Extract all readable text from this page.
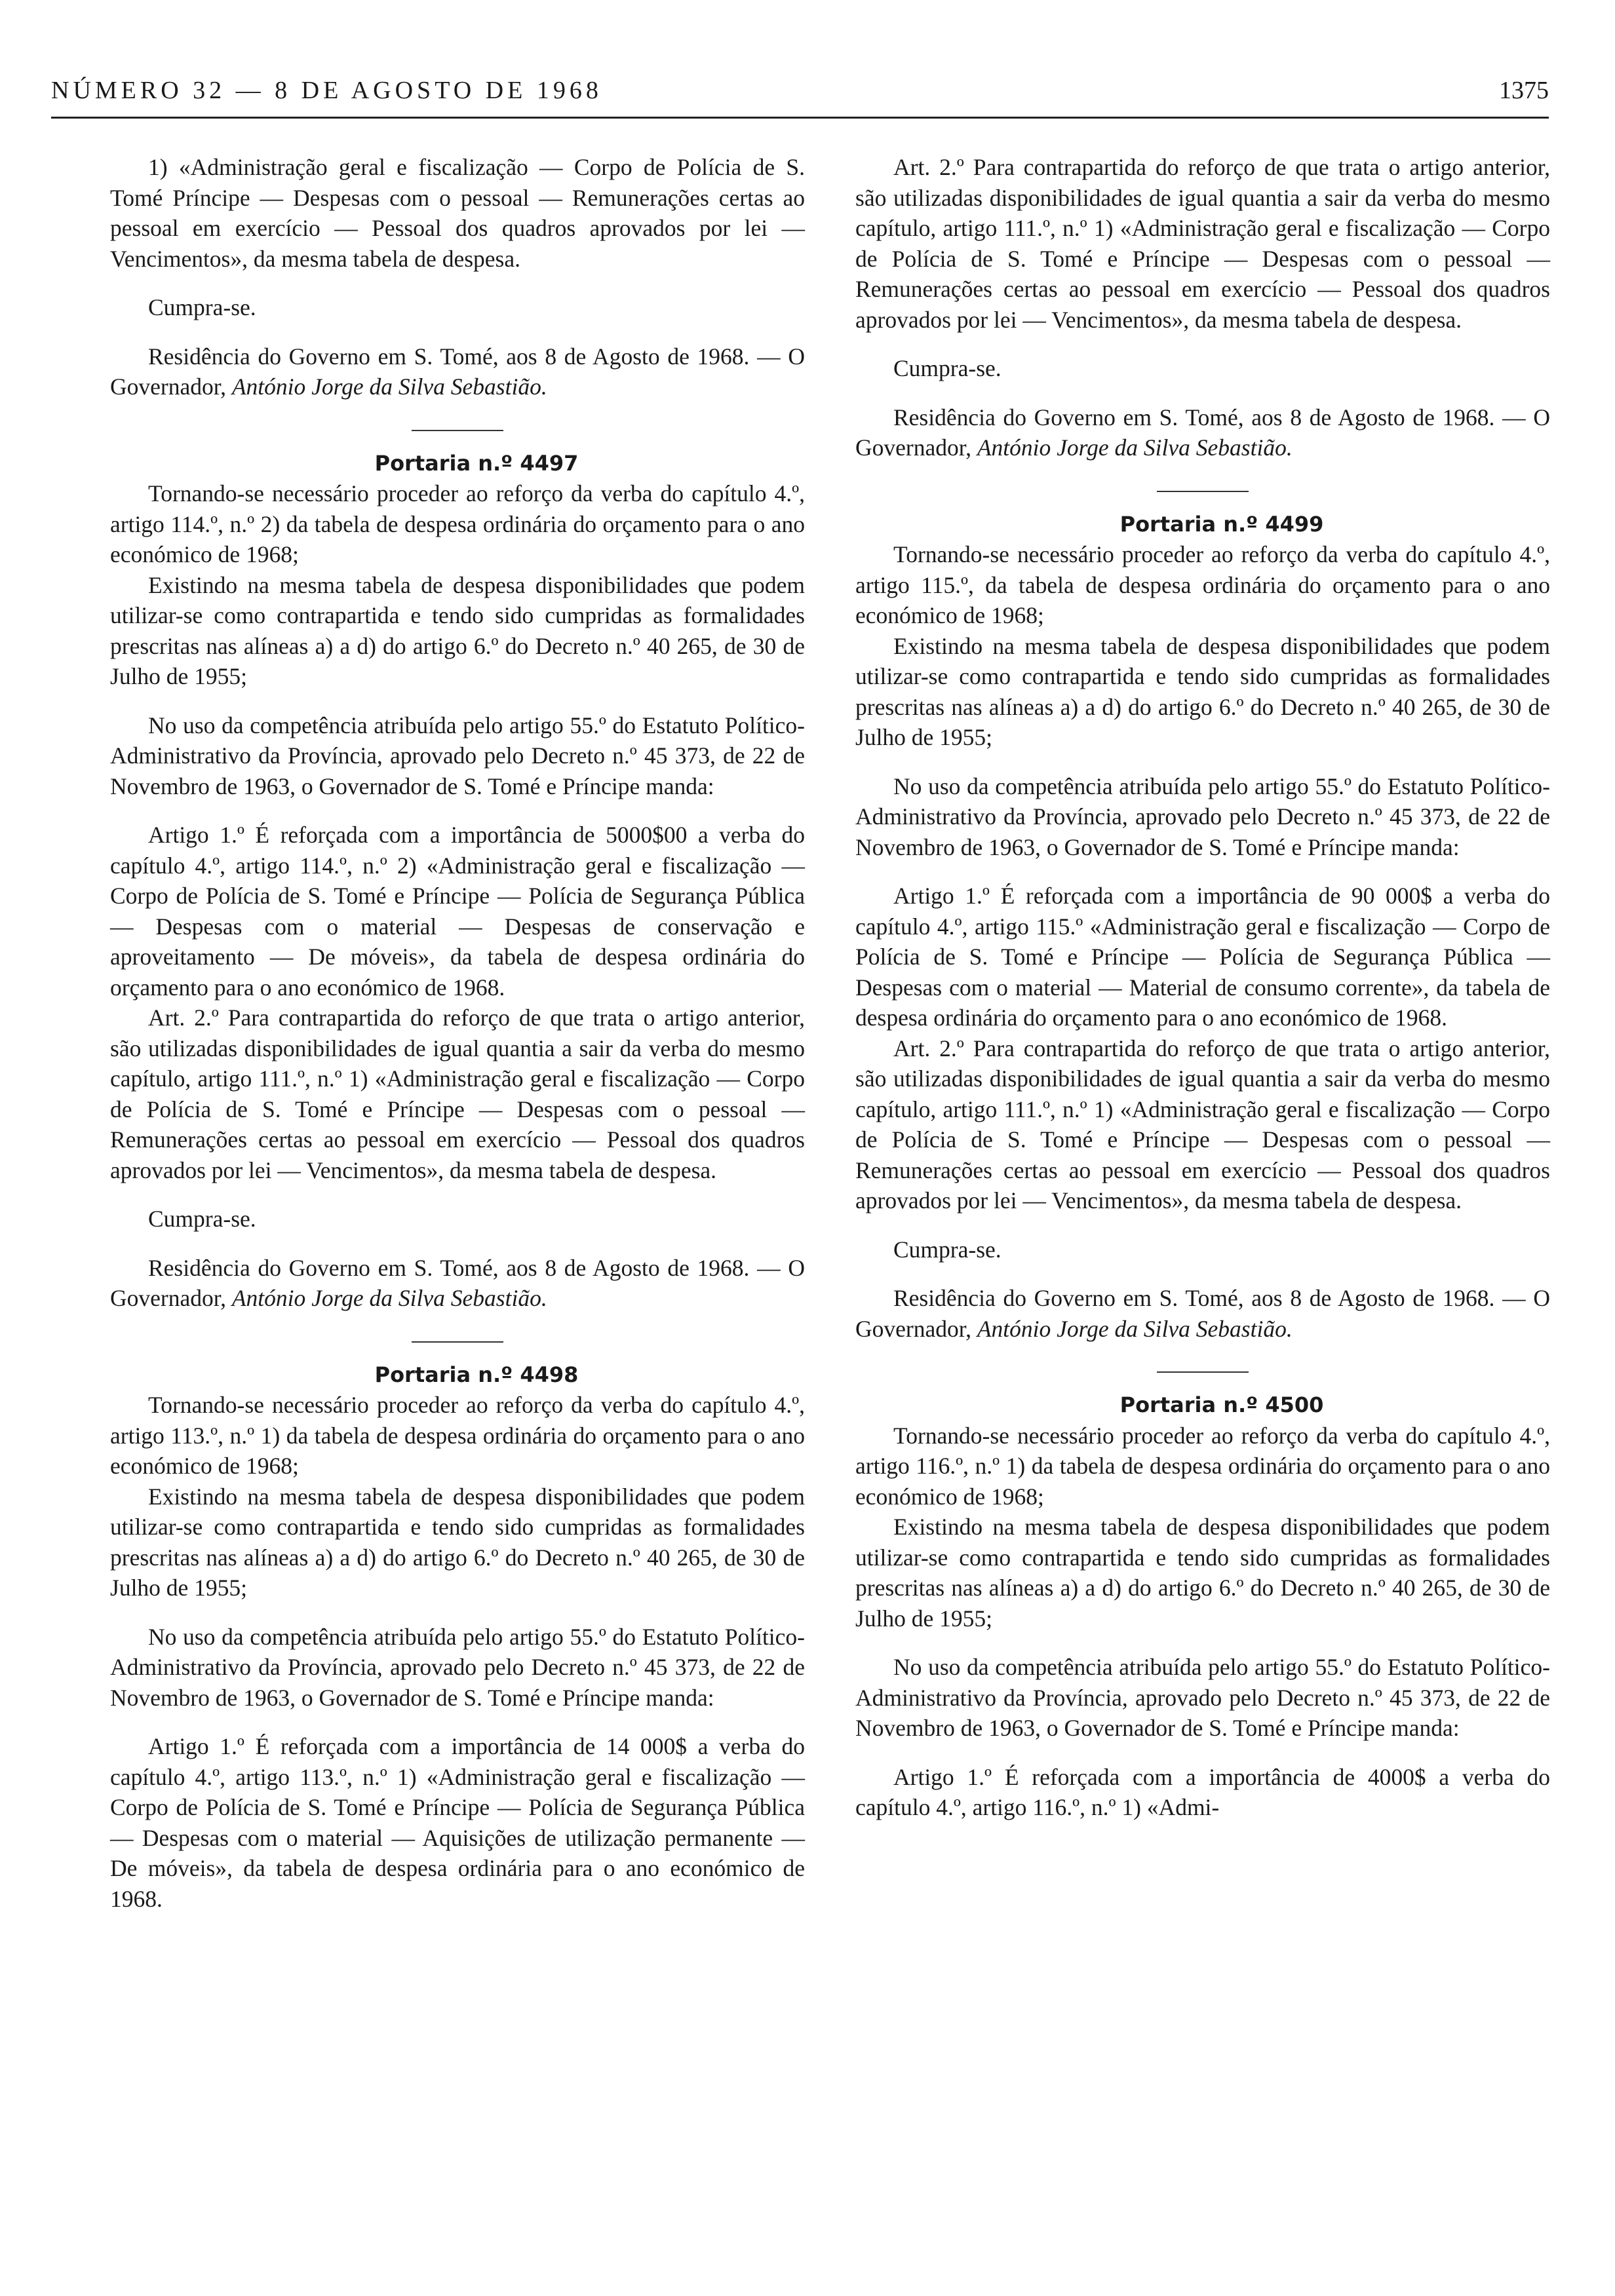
NÚMERO 32 — 8 DE AGOSTO DE 1968	1375

1) «Administração geral e fiscalização — Corpo de Polícia de S. Tomé Príncipe — Despesas com o pessoal — Remunerações certas ao pessoal em exercício — Pessoal dos quadros aprovados por lei — Vencimentos», da mesma tabela de despesa.

Cumpra-se.

Residência do Governo em S. Tomé, aos 8 de Agosto de 1968. — O Governador, António Jorge da Silva Sebastião.

Portaria n.º 4497

Tornando-se necessário proceder ao reforço da verba do capítulo 4.º, artigo 114.º, n.º 2) da tabela de despesa ordinária do orçamento para o ano económico de 1968;

Existindo na mesma tabela de despesa disponibilidades que podem utilizar-se como contrapartida e tendo sido cumpridas as formalidades prescritas nas alíneas a) a d) do artigo 6.º do Decreto n.º 40 265, de 30 de Julho de 1955;

No uso da competência atribuída pelo artigo 55.º do Estatuto Político-Administrativo da Província, aprovado pelo Decreto n.º 45 373, de 22 de Novembro de 1963, o Governador de S. Tomé e Príncipe manda:

Artigo 1.º É reforçada com a importância de 5000$00 a verba do capítulo 4.º, artigo 114.º, n.º 2) «Administração geral e fiscalização — Corpo de Polícia de S. Tomé e Príncipe — Polícia de Segurança Pública — Despesas com o material — Despesas de conservação e aproveitamento — De móveis», da tabela de despesa ordinária do orçamento para o ano económico de 1968.

Art. 2.º Para contrapartida do reforço de que trata o artigo anterior, são utilizadas disponibilidades de igual quantia a sair da verba do mesmo capítulo, artigo 111.º, n.º 1) «Administração geral e fiscalização — Corpo de Polícia de S. Tomé e Príncipe — Despesas com o pessoal — Remunerações certas ao pessoal em exercício — Pessoal dos quadros aprovados por lei — Vencimentos», da mesma tabela de despesa.

Cumpra-se.

Residência do Governo em S. Tomé, aos 8 de Agosto de 1968. — O Governador, António Jorge da Silva Sebastião.

Portaria n.º 4498

Tornando-se necessário proceder ao reforço da verba do capítulo 4.º, artigo 113.º, n.º 1) da tabela de despesa ordinária do orçamento para o ano económico de 1968;

Existindo na mesma tabela de despesa disponibilidades que podem utilizar-se como contrapartida e tendo sido cumpridas as formalidades prescritas nas alíneas a) a d) do artigo 6.º do Decreto n.º 40 265, de 30 de Julho de 1955;

No uso da competência atribuída pelo artigo 55.º do Estatuto Político-Administrativo da Província, aprovado pelo Decreto n.º 45 373, de 22 de Novembro de 1963, o Governador de S. Tomé e Príncipe manda:

Artigo 1.º É reforçada com a importância de 14 000$ a verba do capítulo 4.º, artigo 113.º, n.º 1) «Administração geral e fiscalização — Corpo de Polícia de S. Tomé e Príncipe — Polícia de Segurança Pública — Despesas com o material — Aquisições de utilização permanente — De móveis», da tabela de despesa ordinária para o ano económico de 1968.

Art. 2.º Para contrapartida do reforço de que trata o artigo anterior, são utilizadas disponibilidades de igual quantia a sair da verba do mesmo capítulo, artigo 111.º, n.º 1) «Administração geral e fiscalização — Corpo de Polícia de S. Tomé e Príncipe — Despesas com o pessoal — Remunerações certas ao pessoal em exercício — Pessoal dos quadros aprovados por lei — Vencimentos», da mesma tabela de despesa.

Cumpra-se.

Residência do Governo em S. Tomé, aos 8 de Agosto de 1968. — O Governador, António Jorge da Silva Sebastião.

Portaria n.º 4499

Tornando-se necessário proceder ao reforço da verba do capítulo 4.º, artigo 115.º, da tabela de despesa ordinária do orçamento para o ano económico de 1968;

Existindo na mesma tabela de despesa disponibilidades que podem utilizar-se como contrapartida e tendo sido cumpridas as formalidades prescritas nas alíneas a) a d) do artigo 6.º do Decreto n.º 40 265, de 30 de Julho de 1955;

No uso da competência atribuída pelo artigo 55.º do Estatuto Político-Administrativo da Província, aprovado pelo Decreto n.º 45 373, de 22 de Novembro de 1963, o Governador de S. Tomé e Príncipe manda:

Artigo 1.º É reforçada com a importância de 90 000$ a verba do capítulo 4.º, artigo 115.º «Administração geral e fiscalização — Corpo de Polícia de S. Tomé e Príncipe — Polícia de Segurança Pública — Despesas com o material — Material de consumo corrente», da tabela de despesa ordinária do orçamento para o ano económico de 1968.

Art. 2.º Para contrapartida do reforço de que trata o artigo anterior, são utilizadas disponibilidades de igual quantia a sair da verba do mesmo capítulo, artigo 111.º, n.º 1) «Administração geral e fiscalização — Corpo de Polícia de S. Tomé e Príncipe — Despesas com o pessoal — Remunerações certas ao pessoal em exercício — Pessoal dos quadros aprovados por lei — Vencimentos», da mesma tabela de despesa.

Cumpra-se.

Residência do Governo em S. Tomé, aos 8 de Agosto de 1968. — O Governador, António Jorge da Silva Sebastião.

Portaria n.º 4500

Tornando-se necessário proceder ao reforço da verba do capítulo 4.º, artigo 116.º, n.º 1) da tabela de despesa ordinária do orçamento para o ano económico de 1968;

Existindo na mesma tabela de despesa disponibilidades que podem utilizar-se como contrapartida e tendo sido cumpridas as formalidades prescritas nas alíneas a) a d) do artigo 6.º do Decreto n.º 40 265, de 30 de Julho de 1955;

No uso da competência atribuída pelo artigo 55.º do Estatuto Político-Administrativo da Província, aprovado pelo Decreto n.º 45 373, de 22 de Novembro de 1963, o Governador de S. Tomé e Príncipe manda:

Artigo 1.º É reforçada com a importância de 4000$ a verba do capítulo 4.º, artigo 116.º, n.º 1) «Admi-
